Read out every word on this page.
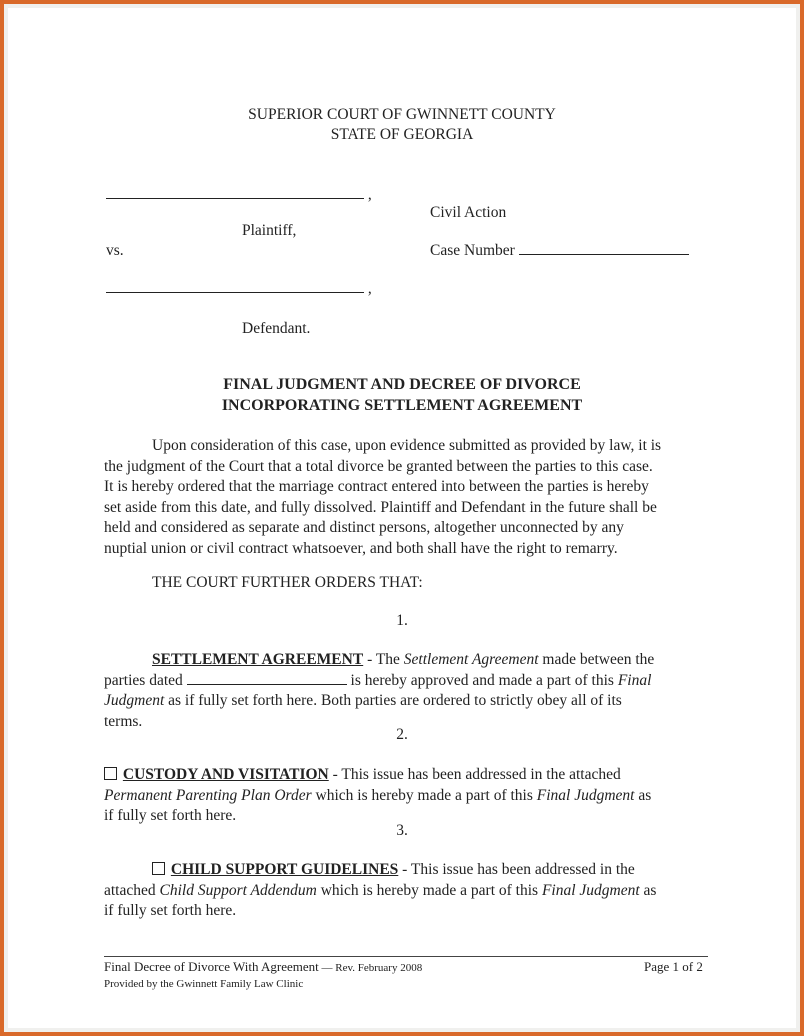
SUPERIOR COURT OF GWINNETT COUNTY
STATE OF GEORGIA
,
Civil Action
Plaintiff,
vs.	Case Number
,
Defendant.
FINAL JUDGMENT AND DECREE OF DIVORCE
INCORPORATING SETTLEMENT AGREEMENT
Upon consideration of this case, upon evidence submitted as provided by law, it is
the judgment of the Court that a total divorce be granted between the parties to this case.
It is hereby ordered that the marriage contract entered into between the parties is hereby
set aside from this date, and fully dissolved. Plaintiff and Defendant in the future shall be
held and considered as separate and distinct persons, altogether unconnected by any
nuptial union or civil contract whatsoever, and both shall have the right to remarry.
THE COURT FURTHER ORDERS THAT:
1.
SETTLEMENT AGREEMENT - The Settlement Agreement made between the
parties dated	is hereby approved and made a part of this Final
Judgment as if fully set forth here. Both parties are ordered to strictly obey all of its
terms.
2.
CUSTODY AND VISITATION - This issue has been addressed in the attached
Permanent Parenting Plan Order which is hereby made a part of this Final Judgment as
if fully set forth here.
3.
CHILD SUPPORT GUIDELINES - This issue has been addressed in the
attached Child Support Addendum which is hereby made a part of this Final Judgment as
if fully set forth here.
Final Decree of Divorce With Agreement — Rev. February 2008
Provided by the Gwinnett Family Law Clinic
Page 1 of 2
